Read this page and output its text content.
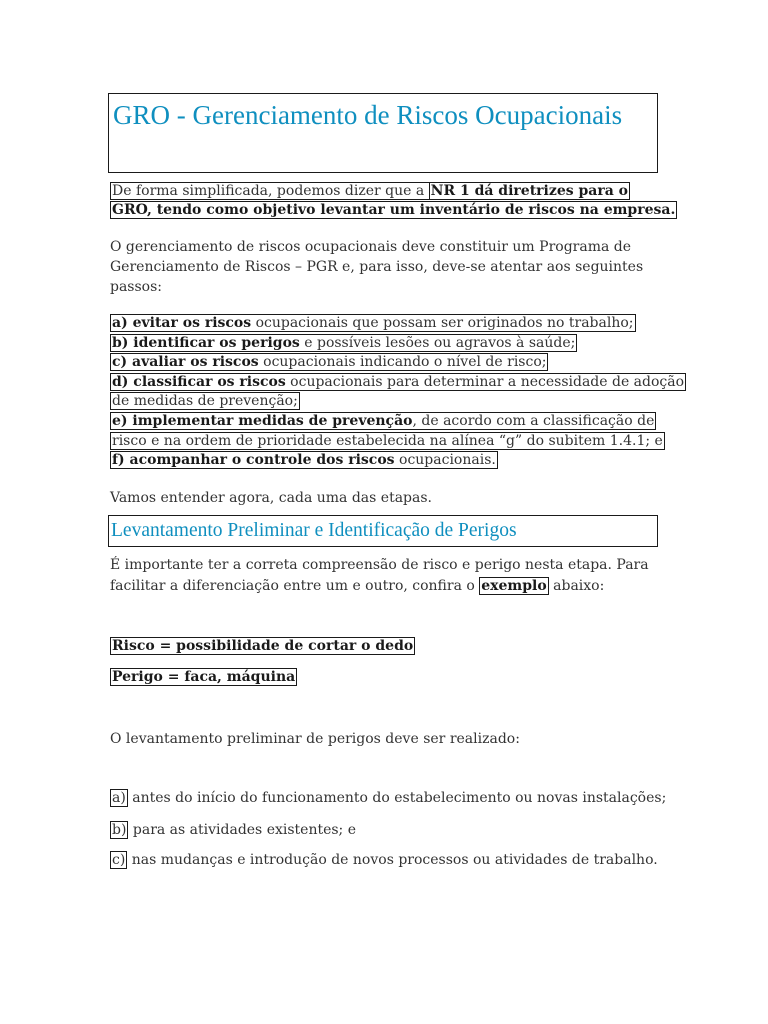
GRO - Gerenciamento de Riscos Ocupacionais
De forma simplificada, podemos dizer que a NR 1 dá diretrizes para o
GRO, tendo como objetivo levantar um inventário de riscos na empresa.
O gerenciamento de riscos ocupacionais deve constituir um Programa de
Gerenciamento de Riscos – PGR e, para isso, deve-se atentar aos seguintes
passos:
a) evitar os riscos ocupacionais que possam ser originados no trabalho;
b) identificar os perigos e possíveis lesões ou agravos à saúde;
c) avaliar os riscos ocupacionais indicando o nível de risco;
d) classificar os riscos ocupacionais para determinar a necessidade de adoção
de medidas de prevenção;
e) implementar medidas de prevenção, de acordo com a classificação de
risco e na ordem de prioridade estabelecida na alínea “g” do subitem 1.4.1; e
f) acompanhar o controle dos riscos ocupacionais.
Vamos entender agora, cada uma das etapas.
Levantamento Preliminar e Identificação de Perigos
É importante ter a correta compreensão de risco e perigo nesta etapa. Para
facilitar a diferenciação entre um e outro, confira o exemplo abaixo:
Risco = possibilidade de cortar o dedo
Perigo = faca, máquina
O levantamento preliminar de perigos deve ser realizado:
a) antes do início do funcionamento do estabelecimento ou novas instalações;
b) para as atividades existentes; e
c) nas mudanças e introdução de novos processos ou atividades de trabalho.
